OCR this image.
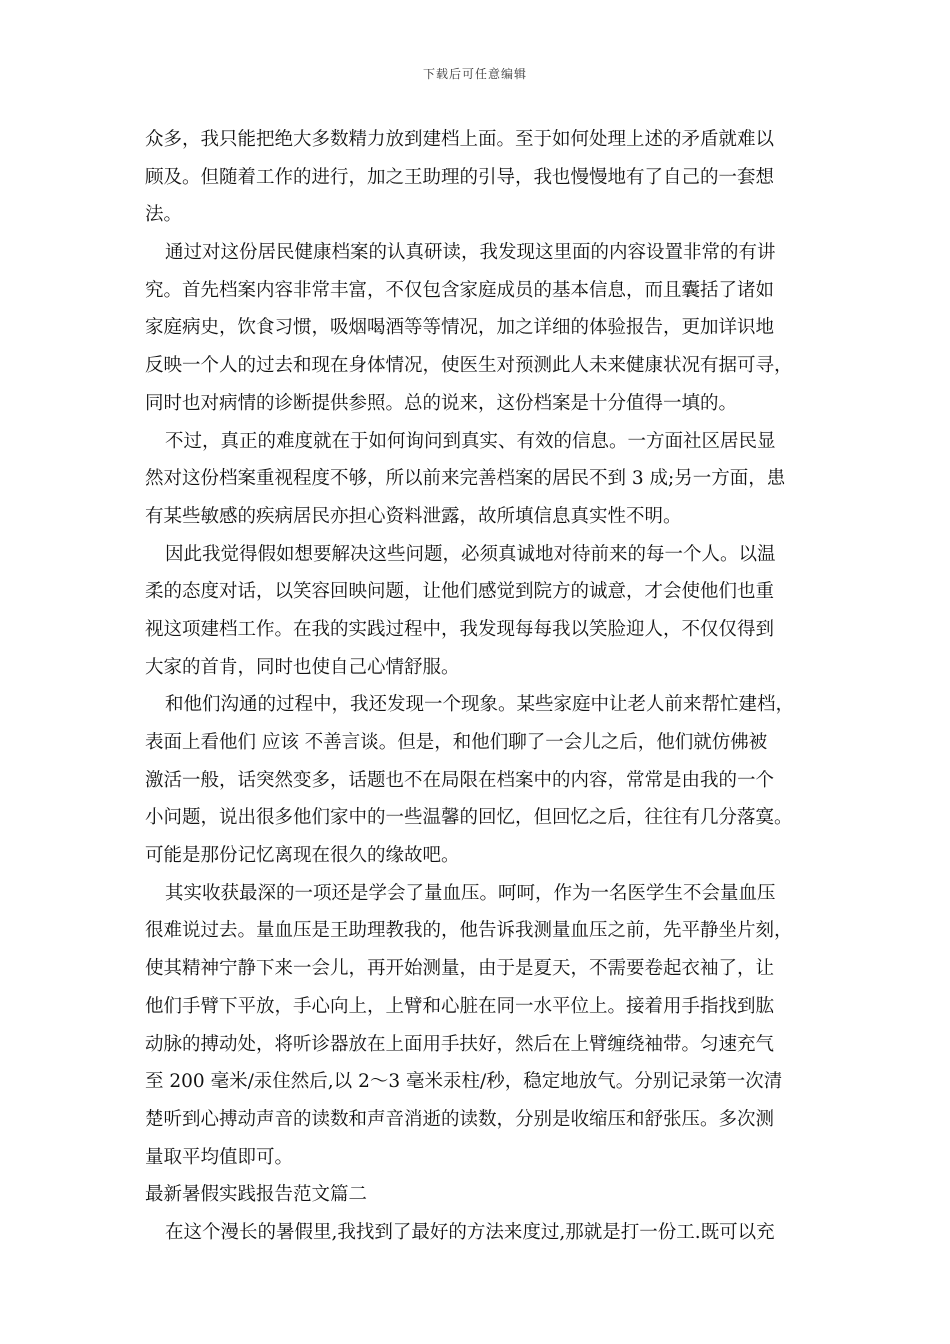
下载后可任意编辑
众多，我只能把绝大多数精力放到建档上面。至于如何处理上述的矛盾就难以
顾及。但随着工作的进行，加之王助理的引导，我也慢慢地有了自己的一套想
法。
通过对这份居民健康档案的认真研读，我发现这里面的内容设置非常的有讲
究。首先档案内容非常丰富，不仅包含家庭成员的基本信息，而且囊括了诸如
家庭病史，饮食习惯，吸烟喝酒等等情况，加之详细的体验报告，更加详识地
反映一个人的过去和现在身体情况，使医生对预测此人未来健康状况有据可寻，
同时也对病情的诊断提供参照。总的说来，这份档案是十分值得一填的。
不过，真正的难度就在于如何询问到真实、有效的信息。一方面社区居民显
然对这份档案重视程度不够，所以前来完善档案的居民不到 3 成;另一方面，患
有某些敏感的疾病居民亦担心资料泄露，故所填信息真实性不明。
因此我觉得假如想要解决这些问题，必须真诚地对待前来的每一个人。以温
柔的态度对话，以笑容回映问题，让他们感觉到院方的诚意，才会使他们也重
视这项建档工作。在我的实践过程中，我发现每每我以笑脸迎人，不仅仅得到
大家的首肯，同时也使自己心情舒服。
和他们沟通的过程中，我还发现一个现象。某些家庭中让老人前来帮忙建档，
表面上看他们 应该 不善言谈。但是，和他们聊了一会儿之后，他们就仿佛被
激活一般，话突然变多，话题也不在局限在档案中的内容，常常是由我的一个
小问题，说出很多他们家中的一些温馨的回忆，但回忆之后，往往有几分落寞。
可能是那份记忆离现在很久的缘故吧。
其实收获最深的一项还是学会了量血压。呵呵，作为一名医学生不会量血压
很难说过去。量血压是王助理教我的，他告诉我测量血压之前，先平静坐片刻，
使其精神宁静下来一会儿，再开始测量，由于是夏天，不需要卷起衣袖了，让
他们手臂下平放，手心向上，上臂和心脏在同一水平位上。接着用手指找到肱
动脉的搏动处，将听诊器放在上面用手扶好，然后在上臂缠绕袖带。匀速充气
至 200 毫米/汞住然后,以 2～3 毫米汞柱/秒，稳定地放气。分别记录第一次清
楚听到心搏动声音的读数和声音消逝的读数，分别是收缩压和舒张压。多次测
量取平均值即可。
最新暑假实践报告范文篇二
在这个漫长的暑假里,我找到了最好的方法来度过,那就是打一份工.既可以充
